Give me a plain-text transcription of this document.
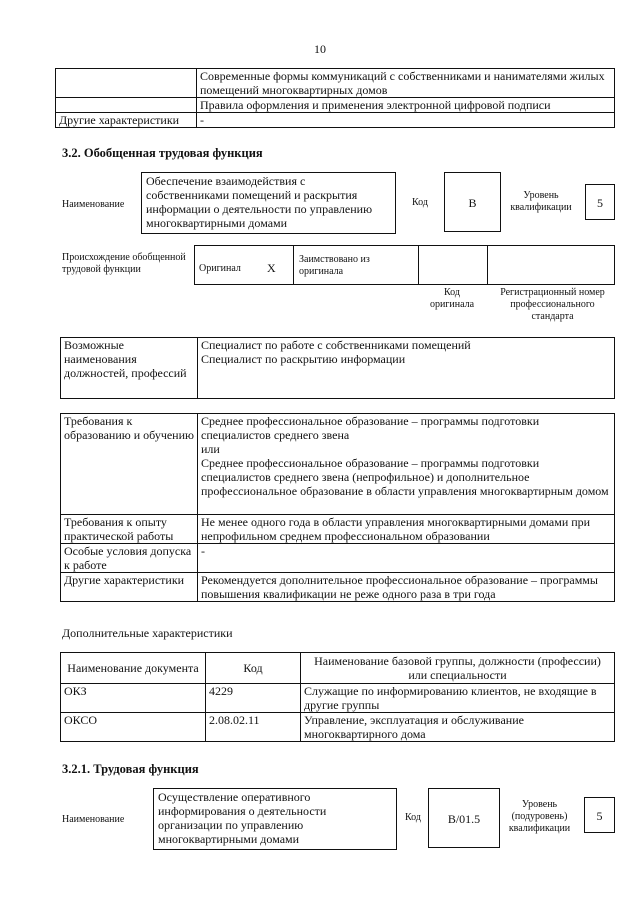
10
	Современные формы коммуникаций с собственниками и нанимателями жилых помещений многоквартирных домов
	Правила оформления и применения электронной цифровой подписи
Другие характеристики	-
3.2. Обобщенная трудовая функция
Наименование
Обеспечение взаимодействия с собственниками помещений и раскрытия информации о деятельности по управлению многоквартирными домами
Код	B
Уровень квалификации	5
Происхождение обобщенной трудовой функции	Оригинал X
Заимствовано из оригинала
Код оригинала
Регистрационный номер профессионального стандарта
Возможные наименования должностей, профессий	
Специалист по работе с собственниками помещений
Специалист по раскрытию информации
Требования к образованию и обучению	Среднее профессиональное образование – программы подготовки специалистов среднего звена
или
Среднее профессиональное образование – программы подготовки специалистов среднего звена (непрофильное) и дополнительное профессиональное образование в области управления многоквартирным домом
Требования к опыту практической работы	Не менее одного года в области управления многоквартирными домами при непрофильном среднем профессиональном образовании
Особые условия допуска к работе	-
Другие характеристики	Рекомендуется дополнительное профессиональное образование – программы повышения квалификации не реже одного раза в три года
Дополнительные характеристики
Наименование документа	Код	Наименование базовой группы, должности (профессии) или специальности
ОКЗ	4229	Служащие по информированию клиентов, не входящие в другие группы
ОКСО	2.08.02.11	Управление, эксплуатация и обслуживание многоквартирного дома
3.2.1. Трудовая функция
Наименование
Осуществление оперативного информирования о деятельности организации по управлению многоквартирными домами
Код	B/01.5
Уровень (подуровень) квалификации
5
